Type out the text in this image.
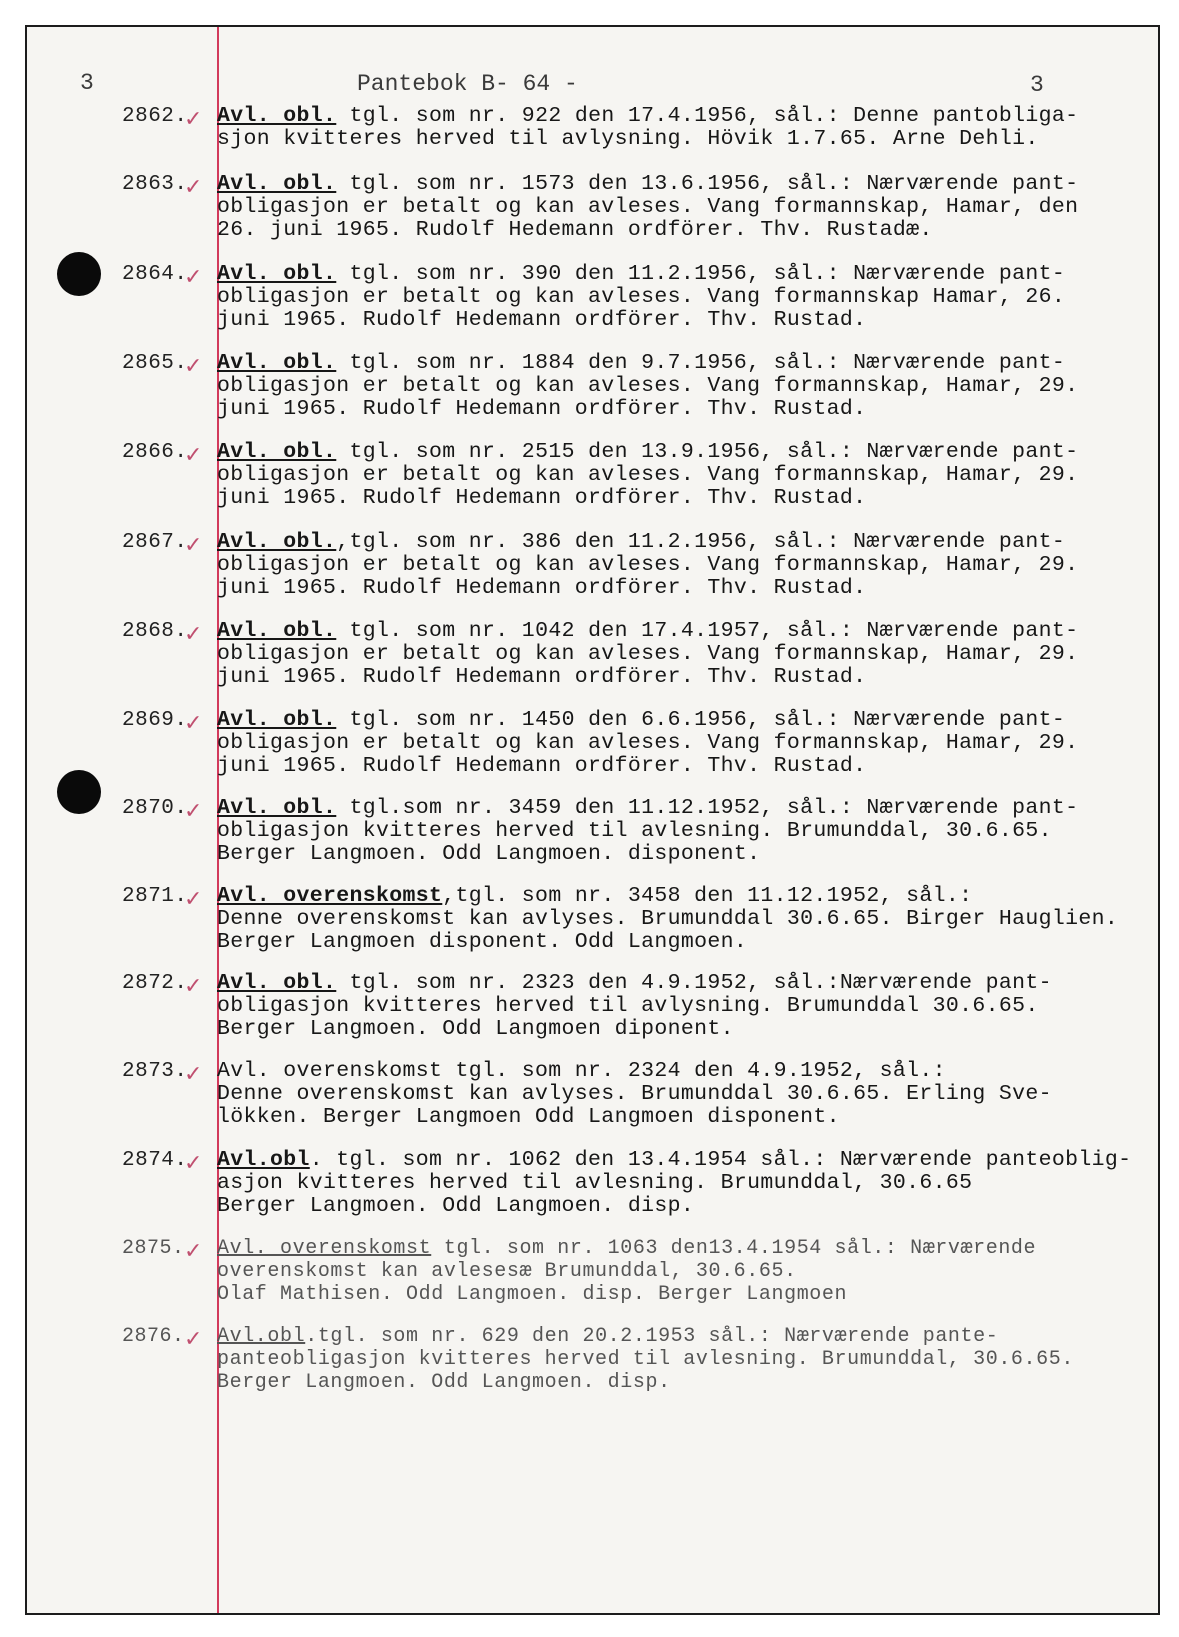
3	Pantebok B- 64 -	3
2862.
✓ Avl. obl. tgl. som nr. 922 den 17.4.1956, sål.: Denne pantobliga-
sjon kvitteres herved til avlysning. Hövik 1.7.65. Arne Dehli.
2863.
✓ Avl. obl. tgl. som nr. 1573 den 13.6.1956, sål.: Nærværende pant-
obligasjon er betalt og kan avleses. Vang formannskap, Hamar, den
26. juni 1965. Rudolf Hedemann ordförer. Thv. Rustadæ.
2864.
✓ Avl. obl. tgl. som nr. 390 den 11.2.1956, sål.: Nærværende pant-
obligasjon er betalt og kan avleses. Vang formannskap Hamar, 26.
juni 1965. Rudolf Hedemann ordförer. Thv. Rustad.
2865.
✓ Avl. obl. tgl. som nr. 1884 den 9.7.1956, sål.: Nærværende pant-
obligasjon er betalt og kan avleses. Vang formannskap, Hamar, 29.
juni 1965. Rudolf Hedemann ordförer. Thv. Rustad.
2866.
✓ Avl. obl. tgl. som nr. 2515 den 13.9.1956, sål.: Nærværende pant-
obligasjon er betalt og kan avleses. Vang formannskap, Hamar, 29.
juni 1965. Rudolf Hedemann ordförer. Thv. Rustad.
2867.
✓ Avl. obl.,tgl. som nr. 386 den 11.2.1956, sål.: Nærværende pant-
obligasjon er betalt og kan avleses. Vang formannskap, Hamar, 29.
juni 1965. Rudolf Hedemann ordförer. Thv. Rustad.
2868.
✓ Avl. obl. tgl. som nr. 1042 den 17.4.1957, sål.: Nærværende pant-
obligasjon er betalt og kan avleses. Vang formannskap, Hamar, 29.
juni 1965. Rudolf Hedemann ordförer. Thv. Rustad.
2869.
✓ Avl. obl. tgl. som nr. 1450 den 6.6.1956, sål.: Nærværende pant-
obligasjon er betalt og kan avleses. Vang formannskap, Hamar, 29.
juni 1965. Rudolf Hedemann ordförer. Thv. Rustad.
2870.
✓ Avl. obl. tgl.som nr. 3459 den 11.12.1952, sål.: Nærværende pant-
obligasjon kvitteres herved til avlesning. Brumunddal, 30.6.65.
Berger Langmoen. Odd Langmoen. disponent.
2871.
✓ Avl. overenskomst,tgl. som nr. 3458 den 11.12.1952, sål.:
Denne overenskomst kan avlyses. Brumunddal 30.6.65. Birger Hauglien.
Berger Langmoen disponent. Odd Langmoen.
2872.
✓ Avl. obl. tgl. som nr. 2323 den 4.9.1952, sål.:Nærværende pant-
obligasjon kvitteres herved til avlysning. Brumunddal 30.6.65.
Berger Langmoen. Odd Langmoen diponent.
2873.
✓ Avl. overenskomst tgl. som nr. 2324 den 4.9.1952, sål.:
Denne overenskomst kan avlyses. Brumunddal 30.6.65. Erling Sve-
lökken. Berger Langmoen Odd Langmoen disponent.
2874.
✓ Avl.obl. tgl. som nr. 1062 den 13.4.1954 sål.: Nærværende panteoblig-
asjon kvitteres herved til avlesning. Brumunddal, 30.6.65
Berger Langmoen. Odd Langmoen. disp.
2875. ✓ Avl. overenskomst tgl. som nr. 1063 den13.4.1954 sål.: Nærværende
overenskomst kan avlesesæ Brumunddal, 30.6.65.
Olaf Mathisen. Odd Langmoen. disp. Berger Langmoen
2876. ✓ Avl.obl.tgl. som nr. 629 den 20.2.1953 sål.: Nærværende pante-
panteobligasjon kvitteres herved til avlesning. Brumunddal, 30.6.65.
Berger Langmoen. Odd Langmoen. disp.
